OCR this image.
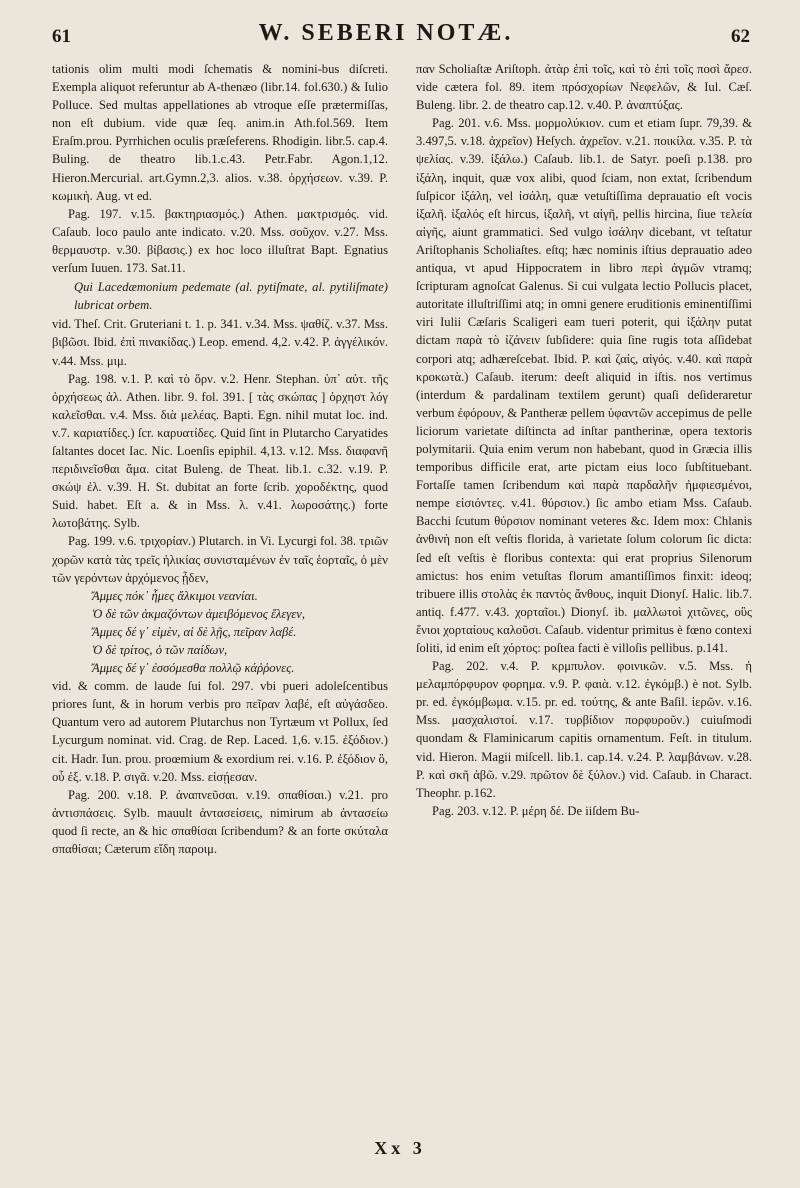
61	W. SEBERI NOTÆ.	62

tationis olim multi modi ſchematis & nomini-bus diſcreti. Exempla aliquot referuntur ab A-thenæo (libr.14. fol.630.) & Iulio Polluce. Sed multas appellationes ab vtroque eſſe prætermiſſas, non eſt dubium. vide quæ ſeq. anim.in Ath.fol.569. Item Eraſm.prou. Pyrrhichen oculis præſeferens. Rhodigin. libr.5. cap.4. Buling. de theatro lib.1.c.43. Petr.Fabr. Agon.1,12. Hieron.Mercurial. art.Gymn.2,3. alios. v.38. ὀρχήσεων. v.39. P. κωμικὴ. Aug. vt ed.

Pag. 197. v.15. βακτηριασμός.) Athen. μακτρισμός. vid. Caſaub. loco paulo ante indicato. v.20. Mss. σοῦχον. v.27. Mss. θερμαυστρ. v.30. βίβασις.) ex hoc loco illuſtrat Bapt. Egnatius verſum Iuuen. 173. Sat.11.

Qui Lacedæmonium pedemate (al. pytiſmate, al. pytiliſmate) lubricat orbem.

vid. Theſ. Crit. Gruteriani t. 1. p. 341. v.34. Mss. ψαθίζ. v.37. Mss. βιβῶσι. Ibid. ἐπὶ πινακίδας.) Leop. emend. 4,2. v.42. P. ἀγγέλικόν. v.44. Mss. μιμ.

Pag. 198. v.1. P. καὶ τὸ ὅρν. v.2. Henr. Stephan. ὑπ᾽ αὐτ. τῆς ὀρχήσεως ἀλ. Athen. libr. 9. fol. 391. [ τὰς σκώπας ] ὀρχηστ λόγ καλεῖσθαι. v.4. Mss. διὰ μελέας. Bapti. Egn. nihil mutat loc. ind. v.7. καριατίδες.) ſcr. καρυατίδες. Quid ſint in Plutarcho Caryatides ſaltantes docet Iac. Nic. Loenſis epiphil. 4,13. v.12. Mss. διαφανῆ περιδινεῖσθαι ἅμα. citat Buleng. de Theat. lib.1. c.32. v.19. P. σκώψ ἐλ. v.39. H. St. dubitat an forte ſcrib. χοροδέκτης, quod Suid. habet. Eſt a. & in Mss. λ. v.41. λωροσάτης.) forte λωτοβάτης. Sylb.

Pag. 199. v.6. τριχορίαν.) Plutarch. in Vi. Lycurgi fol. 38. τριῶν χορῶν κατὰ τὰς τρεῖς ἡλικίας συνισταμένων ἐν ταῖς ἑορταῖς, ὁ μὲν τῶν γερόντων ἀρχόμενος ᾖδεν,

Ἄμμες πόκ᾽ ἦμες ἄλκιμοι νεανίαι.

Ὁ δὲ τῶν ἀκμαζόντων ἀμειβόμενος ἔλεγεν,

Ἄμμες δέ γ᾽ εἰμὲν, αἰ δὲ λῇς, πεῖραν λαβέ.

Ὁ δὲ τρίτος, ὁ τῶν παίδων,

Ἄμμες δέ γ᾽ ἐσσόμεσθα πολλῷ κάῤῥονες.

vid. & comm. de laude ſui fol. 297. vbi pueri adoleſcentibus priores ſunt, & in horum verbis pro πεῖραν λαβέ, eſt αὐγάσδεο. Quantum vero ad autorem Plutarchus non Tyrtæum vt Pollux, ſed Lycurgum nominat. vid. Crag. de Rep. Laced. 1,6. v.15. ἐξόδιον.) cit. Hadr. Iun. prou. proœmium & exordium rei. v.16. P. ἐξόδιον ὃ, οὗ ἐξ. v.18. P. σιγᾶ. v.20. Mss. εἰσῄεσαν.

Pag. 200. v.18. P. ἀναπνεῦσαι. v.19. σπαθίσαι.) v.21. pro ἀντισπάσεις. Sylb. mauult ἀντασείσεις, nimirum ab ἀντασείω quod ſi recte, an & hic σπαθίσαι ſcribendum? & an forte σκύταλα σπαθίσαι; Cæterum εἴδη παροιμ.

παν Scholiaſtæ Ariſtoph. ἀτὰρ ἐπὶ τοῖς, καὶ τὸ ἐπὶ τοῖς ποσὶ ἄρεσ. vide cætera fol. 89. item πρόσχορίων Νεφελῶν, & Iul. Cæſ. Buleng. libr. 2. de theatro cap.12. v.40. P. ἀναπτύξας.

Pag. 201. v.6. Mss. μορμολύκιον. cum et etiam ſupr. 79,39. & 3.497,5. v.18. ἀχρεῖον) Heſych. ἀχρεῖον. v.21. ποικίλα. v.35. P. τὰ ψελίας. v.39. ἰξάλω.) Caſaub. lib.1. de Satyr. poeſi p.138. pro ἰξάλη, inquit, quæ vox alibi, quod ſciam, non extat, ſcribendum ſuſpicor ἰξάλη, vel ἰσάλη, quæ vetuſtiſſima deprauatio eſt vocis ἰξαλῆ. ἰξαλός eſt hircus, ἰξαλῆ, vt αἰγῆ, pellis hircina, ſiue τελεία αἰγῆς, aiunt grammatici. Sed vulgo ἰσάλην dicebant, vt teſtatur Ariſtophanis Scholiaſtes. eſtq; hæc nominis iſtius deprauatio adeo antiqua, vt apud Hippocratem in libro περὶ ἀγμῶν vtramq; ſcripturam agnoſcat Galenus. Si cui vulgata lectio Pollucis placet, autoritate illuſtriſſimi atq; in omni genere eruditionis eminentiſſimi viri Iulii Cæſaris Scaligeri eam tueri poterit, qui ἰξάλην putat dictam παρὰ τὸ ἰζάνειν ſubſidere: quia ſine rugis tota aſſidebat corpori atq; adhæreſcebat. Ibid. P. καὶ ζαίς, αἰγός. v.40. καὶ παρὰ κροκωτὰ.) Caſaub. iterum: deeſt aliquid in iſtis. nos vertimus (interdum & pardalinam textilem gerunt) quaſi deſideraretur verbum ἐφόρουν, & Pantheræ pellem ὑφαντῶν accepimus de pelle liciorum varietate diſtincta ad inſtar pantherinæ, opera textoris polymitarii. Quia enim verum non habebant, quod in Græcia illis temporibus difficile erat, arte pictam eius loco ſubſtituebant. Fortaſſe tamen ſcribendum καὶ παρὰ παρδαλῆν ἠμφιεσμένοι, nempe εἰσιόντες. v.41. θύρσιον.) ſic ambo etiam Mss. Caſaub. Bacchi ſcutum θύρσιον nominant veteres &c. Idem mox: Chlanis ἀνθινὴ non eſt veſtis florida, à varietate ſolum colorum ſic dicta: ſed eſt veſtis è floribus contexta: qui erat proprius Silenorum amictus: hos enim vetuſtas florum amantiſſimos finxit: ideoq; tribuere illis στολὰς ἐκ παντὸς ἄνθους, inquit Dionyſ. Halic. lib.7. antiq. f.477. v.43. χορταῖοι.) Dionyſ. ib. μαλλωτοὶ χιτῶνες, οὓς ἔνιοι χορταίους καλοῦσι. Caſaub. videntur primitus è fœno contexi ſoliti, id enim eſt χόρτος: poſtea facti è villoſis pellibus. p.141.

Pag. 202. v.4. P. κρμπυλον. φοινικῶν. v.5. Mss. ἡ μελαμπόρφυρον φορημα. v.9. P. φαιὰ. v.12. ἐγκόμβ.) è not. Sylb. pr. ed. ἐγκόμβωμα. v.15. pr. ed. τούτης, & ante Baſil. ἱερῶν. v.16. Mss. μασχαλιστοί. v.17. τυρβίδιον πορφυροῦν.) cuiuſmodi quondam & Flaminicarum capitis ornamentum. Feſt. in titulum. vid. Hieron. Magii miſcell. lib.1. cap.14. v.24. P. λαμβάνων. v.28. P. καὶ σκῆ ἀβῶ. v.29. πρῶτον δὲ ξύλον.) vid. Caſaub. in Charact. Theophr. p.162.

Pag. 203. v.12. P. μέρη δέ. De iiſdem Bu-

Xx 3
